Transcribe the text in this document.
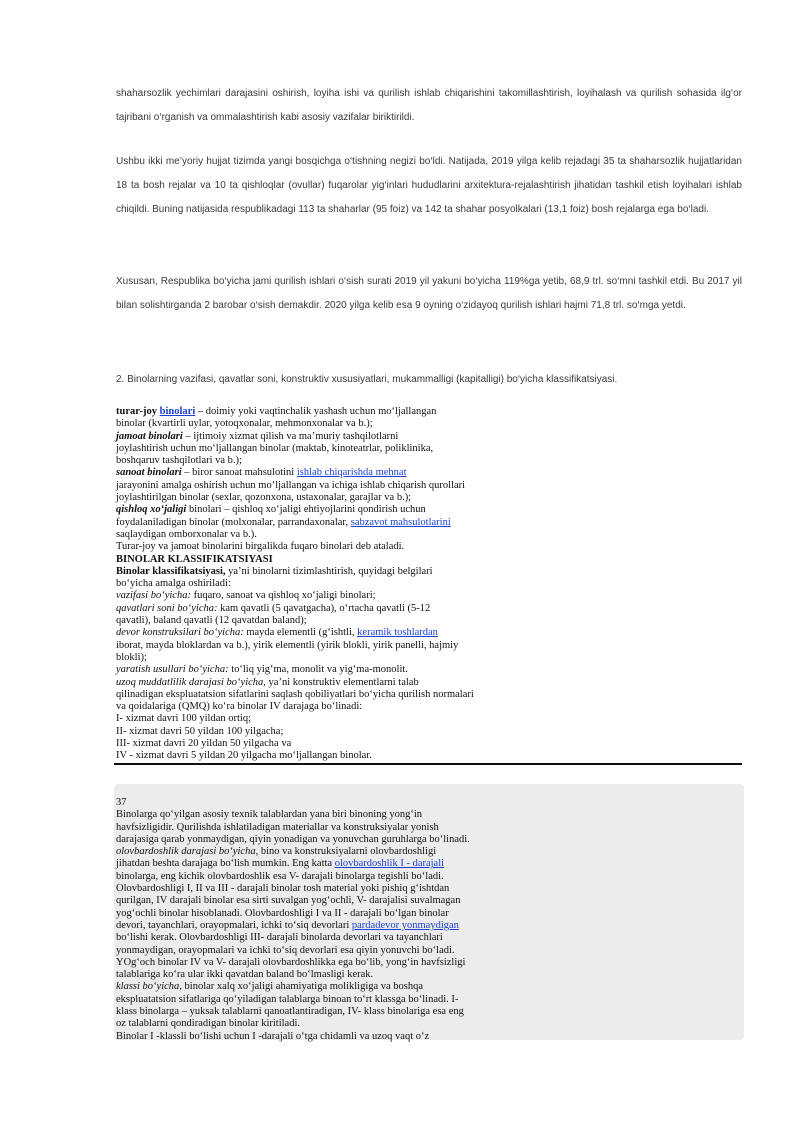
shaharsozlik yechimlari darajasini oshirish, loyiha ishi va qurilish ishlab chiqarishini takomillashtirish, loyihalash va qurilish sohasida ilg‘or tajribani o‘rganish va ommalashtirish kabi asosiy vazifalar biriktirildi.
Ushbu ikki me’yoriy hujjat tizimda yangi bosqichga o‘tishning negizi bo‘ldi. Natijada, 2019 yilga kelib rejadagi 35 ta shaharsozlik hujjatlaridan 18 ta bosh rejalar va 10 ta qishloqlar (ovullar) fuqarolar yig‘inlari hududlarini arxitektura-rejalashtirish jihatidan tashkil etish loyihalari ishlab chiqildi. Buning natijasida respublikadagi 113 ta shaharlar (95 foiz) va 142 ta shahar posyolkalari (13,1 foiz) bosh rejalarga ega bo‘ladi.
Xususan, Respublika bo‘yicha jami qurilish ishlari o‘sish surati 2019 yil yakuni bo‘yicha 119%ga yetib, 68,9 trl. so‘mni tashkil etdi. Bu 2017 yil bilan solishtirganda 2 barobar o‘sish demakdir. 2020 yilga kelib esa 9 oyning o‘zidayoq qurilish ishlari hajmi 71,8 trl. so‘mga yetdi.
2. Binolarning vazifasi, qavatlar soni, konstruktiv xususiyatlari, mukammalligi (kapitalligi) bo‘yicha klassifikatsiyasi.
turar-joy binolari – doimiy yoki vaqtinchalik yashash uchun mo‘ljallangan
binolar (kvartirli uylar, yotoqxonalar, mehmonxonalar va b.);
jamoat binolari – ijtimoiy xizmat qilish va ma’muriy tashqilotlarni
joylashtirish uchun mo‘ljallangan binolar (maktab, kinoteatrlar, poliklinika,
boshqaruv tashqilotlari va b.);
sanoat binolari – biror sanoat mahsulotini ishlab chiqarishda mehnat
jarayonini amalga oshirish uchun mo‘ljallangan va ichiga ishlab chiqarish qurollari
joylashtirilgan binolar (sexlar, qozonxona, ustaxonalar, garajlar va b.);
qishloq xo‘jaligi binolari – qishloq xo‘jaligi ehtiyojlarini qondirish uchun
foydalaniladigan binolar (molxonalar, parrandaxonalar, sabzavot mahsulotlarini
saqlaydigan omborxonalar va b.).
Turar-joy va jamoat binolarini birgalikda fuqaro binolari deb ataladi.
BINOLAR KLASSIFIKATSIYASI
Binolar klassifikatsiyasi, ya’ni binolarni tizimlashtirish, quyidagi belgilari
bo‘yicha amalga oshiriladi:
vazifasi bo‘yicha: fuqaro, sanoat va qishloq xo‘jaligi binolari;
qavatlari soni bo‘yicha: kam qavatli (5 qavatgacha), o‘rtacha qavatli (5-12
qavatli), baland qavatli (12 qavatdan baland);
devor konstruksilari bo‘yicha: mayda elementli (g‘ishtli, keramik toshlardan
iborat, mayda bloklardan va b.), yirik elementli (yirik blokli, yirik panelli, hajmiy
blokli);
yaratish usullari bo‘yicha: to‘liq yig‘ma, monolit va yig‘ma-monolit.
uzoq muddatlilik darajasi bo‘yicha, ya’ni konstruktiv elementlarni talab
qilinadigan ekspluatatsion sifatlarini saqlash qobiliyatlari bo‘yicha qurilish normalari
va qoidalariga (QMQ) ko‘ra binolar IV darajaga bo‘linadi:
I- xizmat davri 100 yildan ortiq;
II- xizmat davri 50 yildan 100 yilgacha;
III- xizmat davri 20 yildan 50 yilgacha va
IV - xizmat davri 5 yildan 20 yilgacha mo‘ljallangan binolar.
37
Binolarga qo‘yilgan asosiy texnik talablardan yana biri binoning yong‘in
havfsizligidir. Qurilishda ishlatiladigan materiallar va konstruksiyalar yonish
darajasiga qarab yonmaydigan, qiyin yonadigan va yonuvchan guruhlarga bo‘linadi.
olovbardoshlik darajasi bo‘yicha, bino va konstruksiyalarni olovbardoshligi
jihatdan beshta darajaga bo‘lish mumkin. Eng katta olovbardoshlik I - darajali
binolarga, eng kichik olovbardoshlik esa V- darajali binolarga tegishli bo‘ladi.
Olovbardoshligi I, II va III - darajali binolar tosh material yoki pishiq g‘ishtdan
qurilgan, IV darajali binolar esa sirti suvalgan yog‘ochli, V- darajalisi suvalmagan
yog‘ochli binolar hisoblanadi. Olovbardoshligi I va II - darajali bo‘lgan binolar
devori, tayanchlari, orayopmalari, ichki to‘siq devorlari pardadevor yonmaydigan
bo‘lishi kerak. Olovbardoshligi III- darajali binolarda devorlari va tayanchlari
yonmaydigan, orayopmalari va ichki to‘siq devorlari esa qiyin yonuvchi bo‘ladi.
YOg‘och binolar IV va V- darajali olovbardoshlikka ega bo‘lib, yong‘in havfsizligi
talablariga ko‘ra ular ikki qavatdan baland bo‘lmasligi kerak.
klassi bo‘yicha, binolar xalq xo‘jaligi ahamiyatiga molikligiga va boshqa
ekspluatatsion sifatlariga qo‘yiladigan talablarga binoan to‘rt klassga bo‘linadi. I-
klass binolarga – yuksak talablarni qanoatlantiradigan, IV- klass binolariga esa eng
oz talablarni qondiradigan binolar kiritiladi.
Binolar I -klassli bo‘lishi uchun I -darajali o‘tga chidamli va uzoq vaqt o‘z
